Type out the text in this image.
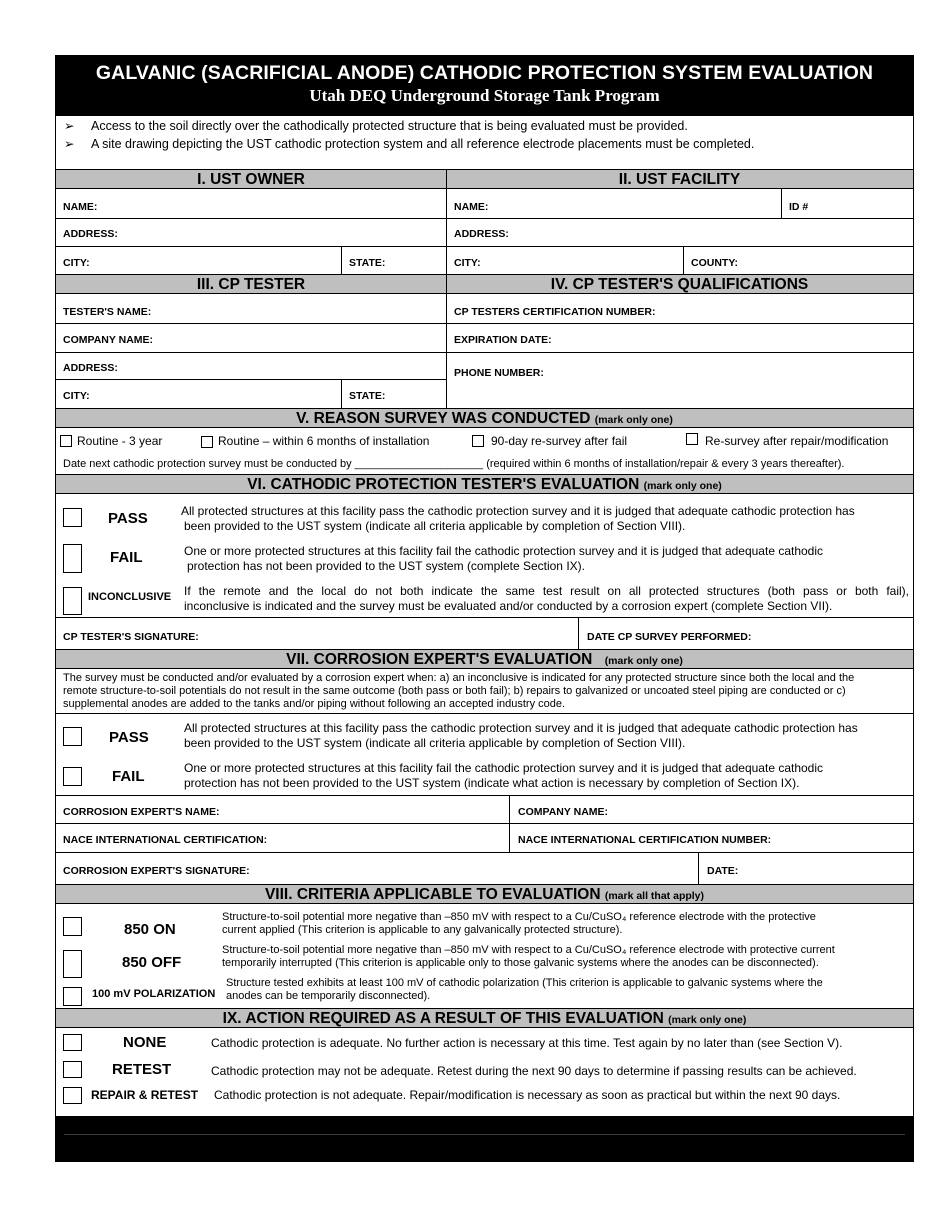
GALVANIC (SACRIFICIAL ANODE) CATHODIC PROTECTION SYSTEM EVALUATION
Utah DEQ Underground Storage Tank Program
➢ Access to the soil directly over the cathodically protected structure that is being evaluated must be provided.
➢ A site drawing depicting the UST cathodic protection system and all reference electrode placements must be completed.
I. UST OWNER	II. UST FACILITY
NAME:	NAME:	ID #
ADDRESS:	ADDRESS:
CITY:	STATE:	CITY:	COUNTY:
III. CP TESTER	IV. CP TESTER'S QUALIFICATIONS
TESTER'S NAME:	CP TESTERS CERTIFICATION NUMBER:
COMPANY NAME:	EXPIRATION DATE:
ADDRESS:	PHONE NUMBER:
CITY:	STATE:
V. REASON SURVEY WAS CONDUCTED (mark only one)
Routine - 3 year	Routine – within 6 months of installation	90-day re-survey after fail	Re-survey after repair/modification
Date next cathodic protection survey must be conducted by _____________________ (required within 6 months of installation/repair & every 3 years thereafter).
VI. CATHODIC PROTECTION TESTER'S EVALUATION (mark only one)
PASS	All protected structures at this facility pass the cathodic protection survey and it is judged that adequate cathodic protection has
been provided to the UST system (indicate all criteria applicable by completion of Section VIII).
FAIL	One or more protected structures at this facility fail the cathodic protection survey and it is judged that adequate cathodic
protection has not been provided to the UST system (complete Section IX).
INCONCLUSIVE If the remote and the local do not both indicate the same test result on all protected structures (both pass or both fail),
inconclusive is indicated and the survey must be evaluated and/or conducted by a corrosion expert (complete Section VII).
CP TESTER'S SIGNATURE:	DATE CP SURVEY PERFORMED:
VII. CORROSION EXPERT'S EVALUATION (mark only one)
The survey must be conducted and/or evaluated by a corrosion expert when: a) an inconclusive is indicated for any protected structure since both the local and the
remote structure-to-soil potentials do not result in the same outcome (both pass or both fail); b) repairs to galvanized or uncoated steel piping are conducted or c)
supplemental anodes are added to the tanks and/or piping without following an accepted industry code.
PASS
All protected structures at this facility pass the cathodic protection survey and it is judged that adequate cathodic protection has
been provided to the UST system (indicate all criteria applicable by completion of Section VIII).
FAIL	One or more protected structures at this facility fail the cathodic protection survey and it is judged that adequate cathodic
protection has not been provided to the UST system (indicate what action is necessary by completion of Section IX).
CORROSION EXPERT'S NAME:	COMPANY NAME:
NACE INTERNATIONAL CERTIFICATION:	NACE INTERNATIONAL CERTIFICATION NUMBER:
CORROSION EXPERT'S SIGNATURE:	DATE:
VIII. CRITERIA APPLICABLE TO EVALUATION (mark all that apply)
850 ON
Structure-to-soil potential more negative than –850 mV with respect to a Cu/CuSO₄ reference electrode with the protective
current applied (This criterion is applicable to any galvanically protected structure).
850 OFF
Structure-to-soil potential more negative than –850 mV with respect to a Cu/CuSO₄ reference electrode with protective current
temporarily interrupted (This criterion is applicable only to those galvanic systems where the anodes can be disconnected).
100 mV POLARIZATION
Structure tested exhibits at least 100 mV of cathodic polarization (This criterion is applicable to galvanic systems where the
anodes can be temporarily disconnected).
IX. ACTION REQUIRED AS A RESULT OF THIS EVALUATION (mark only one)
NONE	Cathodic protection is adequate. No further action is necessary at this time. Test again by no later than (see Section V).
RETEST	Cathodic protection may not be adequate. Retest during the next 90 days to determine if passing results can be achieved.
REPAIR & RETEST Cathodic protection is not adequate. Repair/modification is necessary as soon as practical but within the next 90 days.
